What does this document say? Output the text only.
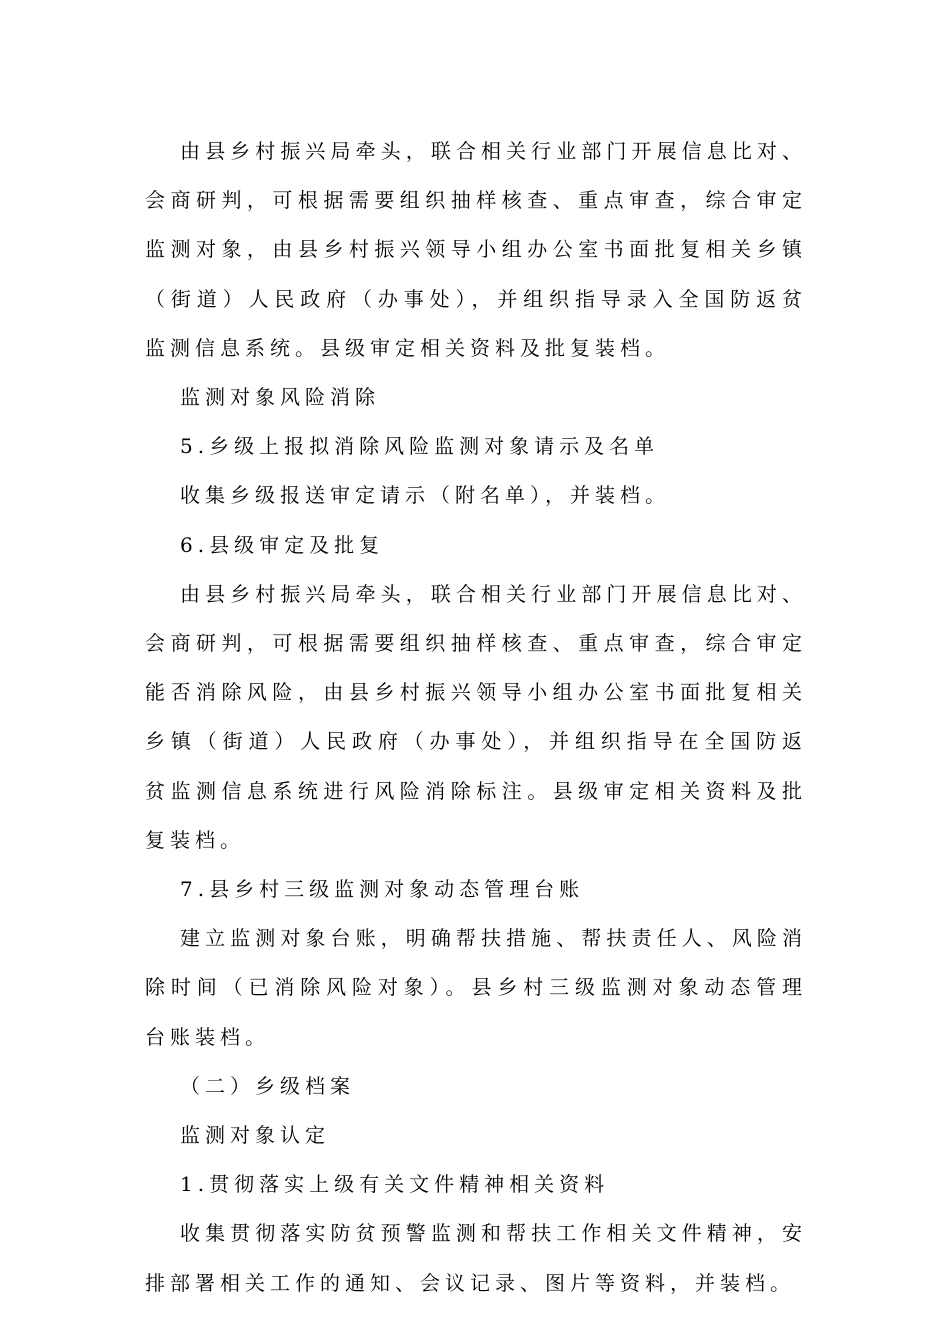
由县乡村振兴局牵头，联合相关行业部门开展信息比对、会商研判，可根据需要组织抽样核查、重点审查，综合审定监测对象，由县乡村振兴领导小组办公室书面批复相关乡镇（街道）人民政府（办事处），并组织指导录入全国防返贫监测信息系统。县级审定相关资料及批复装档。

监测对象风险消除

5.乡级上报拟消除风险监测对象请示及名单

收集乡级报送审定请示（附名单），并装档。

6.县级审定及批复

由县乡村振兴局牵头，联合相关行业部门开展信息比对、会商研判，可根据需要组织抽样核查、重点审查，综合审定能否消除风险，由县乡村振兴领导小组办公室书面批复相关乡镇（街道）人民政府（办事处），并组织指导在全国防返贫监测信息系统进行风险消除标注。县级审定相关资料及批复装档。

7.县乡村三级监测对象动态管理台账

建立监测对象台账，明确帮扶措施、帮扶责任人、风险消除时间（已消除风险对象）。县乡村三级监测对象动态管理台账装档。

（二）乡级档案

监测对象认定

1.贯彻落实上级有关文件精神相关资料

收集贯彻落实防贫预警监测和帮扶工作相关文件精神，安排部署相关工作的通知、会议记录、图片等资料，并装档。
